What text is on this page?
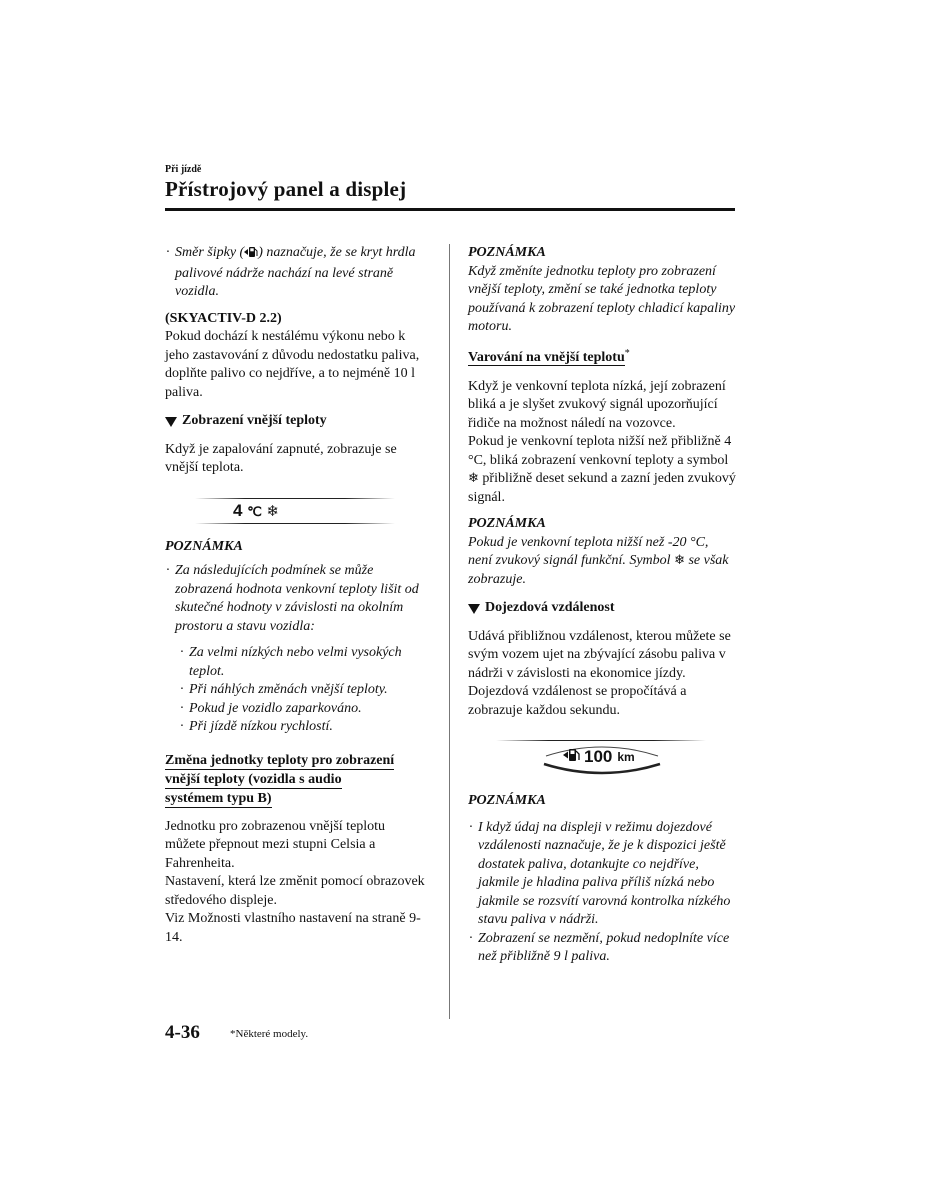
Při jízdě
Přístrojový panel a displej

· Směr šipky ( ) naznačuje, že se kryt hrdla palivové nádrže nachází na levé straně vozidla.

(SKYACTIV-D 2.2)

Pokud dochází k nestálému výkonu nebo k jeho zastavování z důvodu nedostatku paliva, doplňte palivo co nejdříve, a to nejméně 10 l paliva.

Zobrazení vnější teploty

Když je zapalování zapnuté, zobrazuje se vnější teplota.

4 ℃ ❄

POZNÁMKA

· Za následujících podmínek se může zobrazená hodnota venkovní teploty lišit od skutečné hodnoty v závislosti na okolním prostoru a stavu vozidla:

· Za velmi nízkých nebo velmi vysokých teplot.

· Při náhlých změnách vnější teploty.

· Pokud je vozidlo zaparkováno.

· Při jízdě nízkou rychlostí.

Změna jednotky teploty pro zobrazení
vnější teploty (vozidla s audio
systémem typu B)

Jednotku pro zobrazenou vnější teplotu můžete přepnout mezi stupni Celsia a Fahrenheita.

Nastavení, která lze změnit pomocí obrazovek středového displeje.

Viz Možnosti vlastního nastavení na straně 9-14.

POZNÁMKA

Když změníte jednotku teploty pro zobrazení vnější teploty, změní se také jednotka teploty používaná k zobrazení teploty chladicí kapaliny motoru.

Varování na vnější teplotu*

Když je venkovní teplota nízká, její zobrazení bliká a je slyšet zvukový signál upozorňující řidiče na možnost náledí na vozovce.

Pokud je venkovní teplota nižší než přibližně 4 °C, bliká zobrazení venkovní teploty a symbol ❄ přibližně deset sekund a zazní jeden zvukový signál.

POZNÁMKA

Pokud je venkovní teplota nižší než -20 °C, není zvukový signál funkční. Symbol ❄ se však zobrazuje.

Dojezdová vzdálenost

Udává přibližnou vzdálenost, kterou můžete se svým vozem ujet na zbývající zásobu paliva v nádrži v závislosti na ekonomice jízdy.

Dojezdová vzdálenost se propočítává a zobrazuje každou sekundu.

100 km

POZNÁMKA

· I když údaj na displeji v režimu dojezdové vzdálenosti naznačuje, že je k dispozici ještě dostatek paliva, dotankujte co nejdříve, jakmile je hladina paliva příliš nízká nebo jakmile se rozsvítí varovná kontrolka nízkého stavu paliva v nádrži.

· Zobrazení se nezmění, pokud nedoplníte více než přibližně 9 l paliva.

4-36	*Některé modely.
